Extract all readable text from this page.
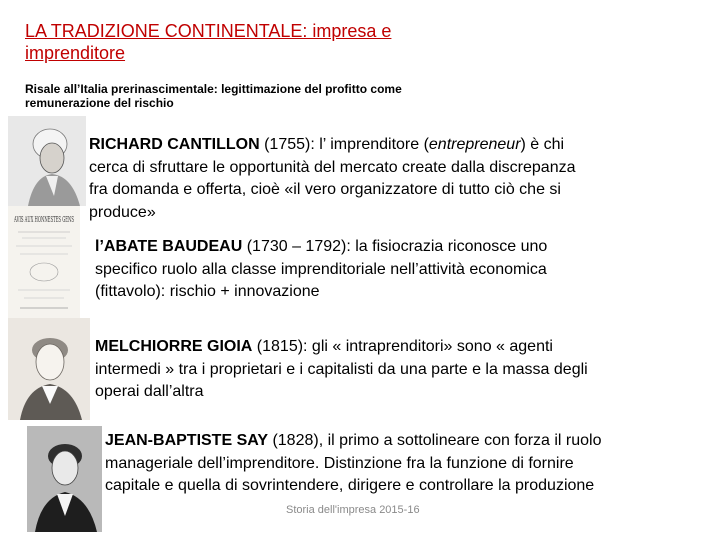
LA TRADIZIONE CONTINENTALE: impresa e imprenditore
Risale all’Italia prerinascimentale: legittimazione del profitto come remunerazione del rischio
AVIS AUX HONNESTES GENS
RICHARD CANTILLON (1755): l’ imprenditore (entrepreneur) è chi cerca di sfruttare le opportunità del mercato create dalla discrepanza fra domanda e offerta, cioè «il vero organizzatore di tutto ciò che si produce»
l’ABATE BAUDEAU (1730 – 1792): la fisiocrazia riconosce uno specifico ruolo alla classe imprenditoriale nell’attività economica (fittavolo): rischio + innovazione
MELCHIORRE GIOIA (1815): gli « intraprenditori» sono « agenti intermedi » tra i proprietari e i capitalisti da una parte e la massa degli operai dall’altra
JEAN-BAPTISTE SAY (1828), il primo a sottolineare con forza il ruolo manageriale dell’imprenditore. Distinzione fra la funzione di fornire capitale e quella di sovrintendere, dirigere e controllare la produzione
Storia dell'impresa 2015-16
